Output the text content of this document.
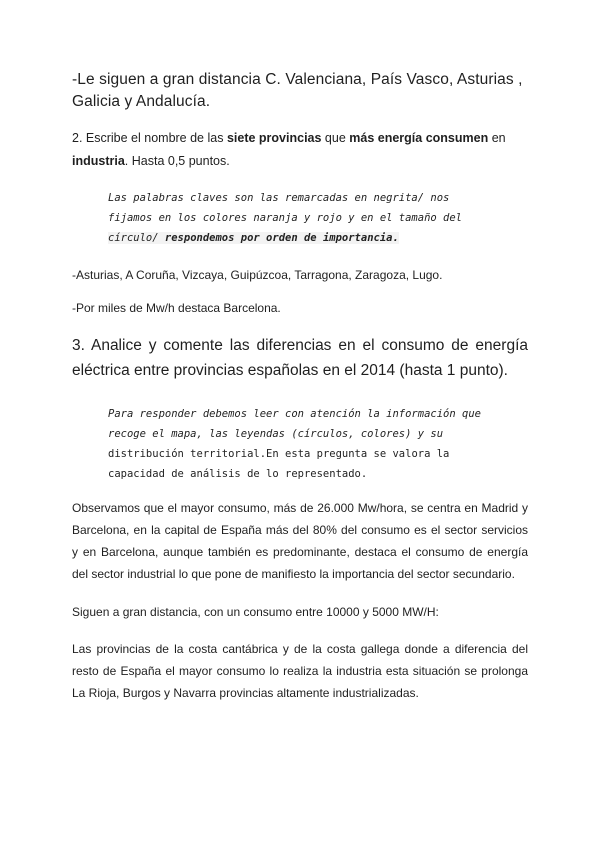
-Le siguen a gran distancia C. Valenciana, País Vasco, Asturias , Galicia y Andalucía.

2. Escribe el nombre de las siete provincias que más energía consumen en industria. Hasta 0,5 puntos.

Las palabras claves son las remarcadas en negrita/ nos
fijamos en los colores naranja y rojo y en el tamaño del
círculo/ respondemos por orden de importancia.

-Asturias, A Coruña, Vizcaya, Guipúzcoa, Tarragona, Zaragoza, Lugo.

-Por miles de Mw/h destaca Barcelona.

3. Analice y comente las diferencias en el consumo de energía
eléctrica entre provincias españolas en el 2014 (hasta 1 punto).

Para responder debemos leer con atención la información que
recoge el mapa, las leyendas (círculos, colores) y su
distribución territorial.En esta pregunta se valora la
capacidad de análisis de lo representado.

Observamos que el mayor consumo, más de 26.000 Mw/hora, se centra en Madrid y
Barcelona, en la capital de España más del 80% del consumo es el sector servicios
y en Barcelona, aunque también es predominante, destaca el consumo de energía
del sector industrial lo que pone de manifiesto la importancia del sector secundario.

Siguen a gran distancia, con un consumo entre 10000 y 5000 MW/H:

Las provincias de la costa cantábrica y de la costa gallega donde a diferencia del
resto de España el mayor consumo lo realiza la industria esta situación se prolonga
La Rioja, Burgos y Navarra provincias altamente industrializadas.
